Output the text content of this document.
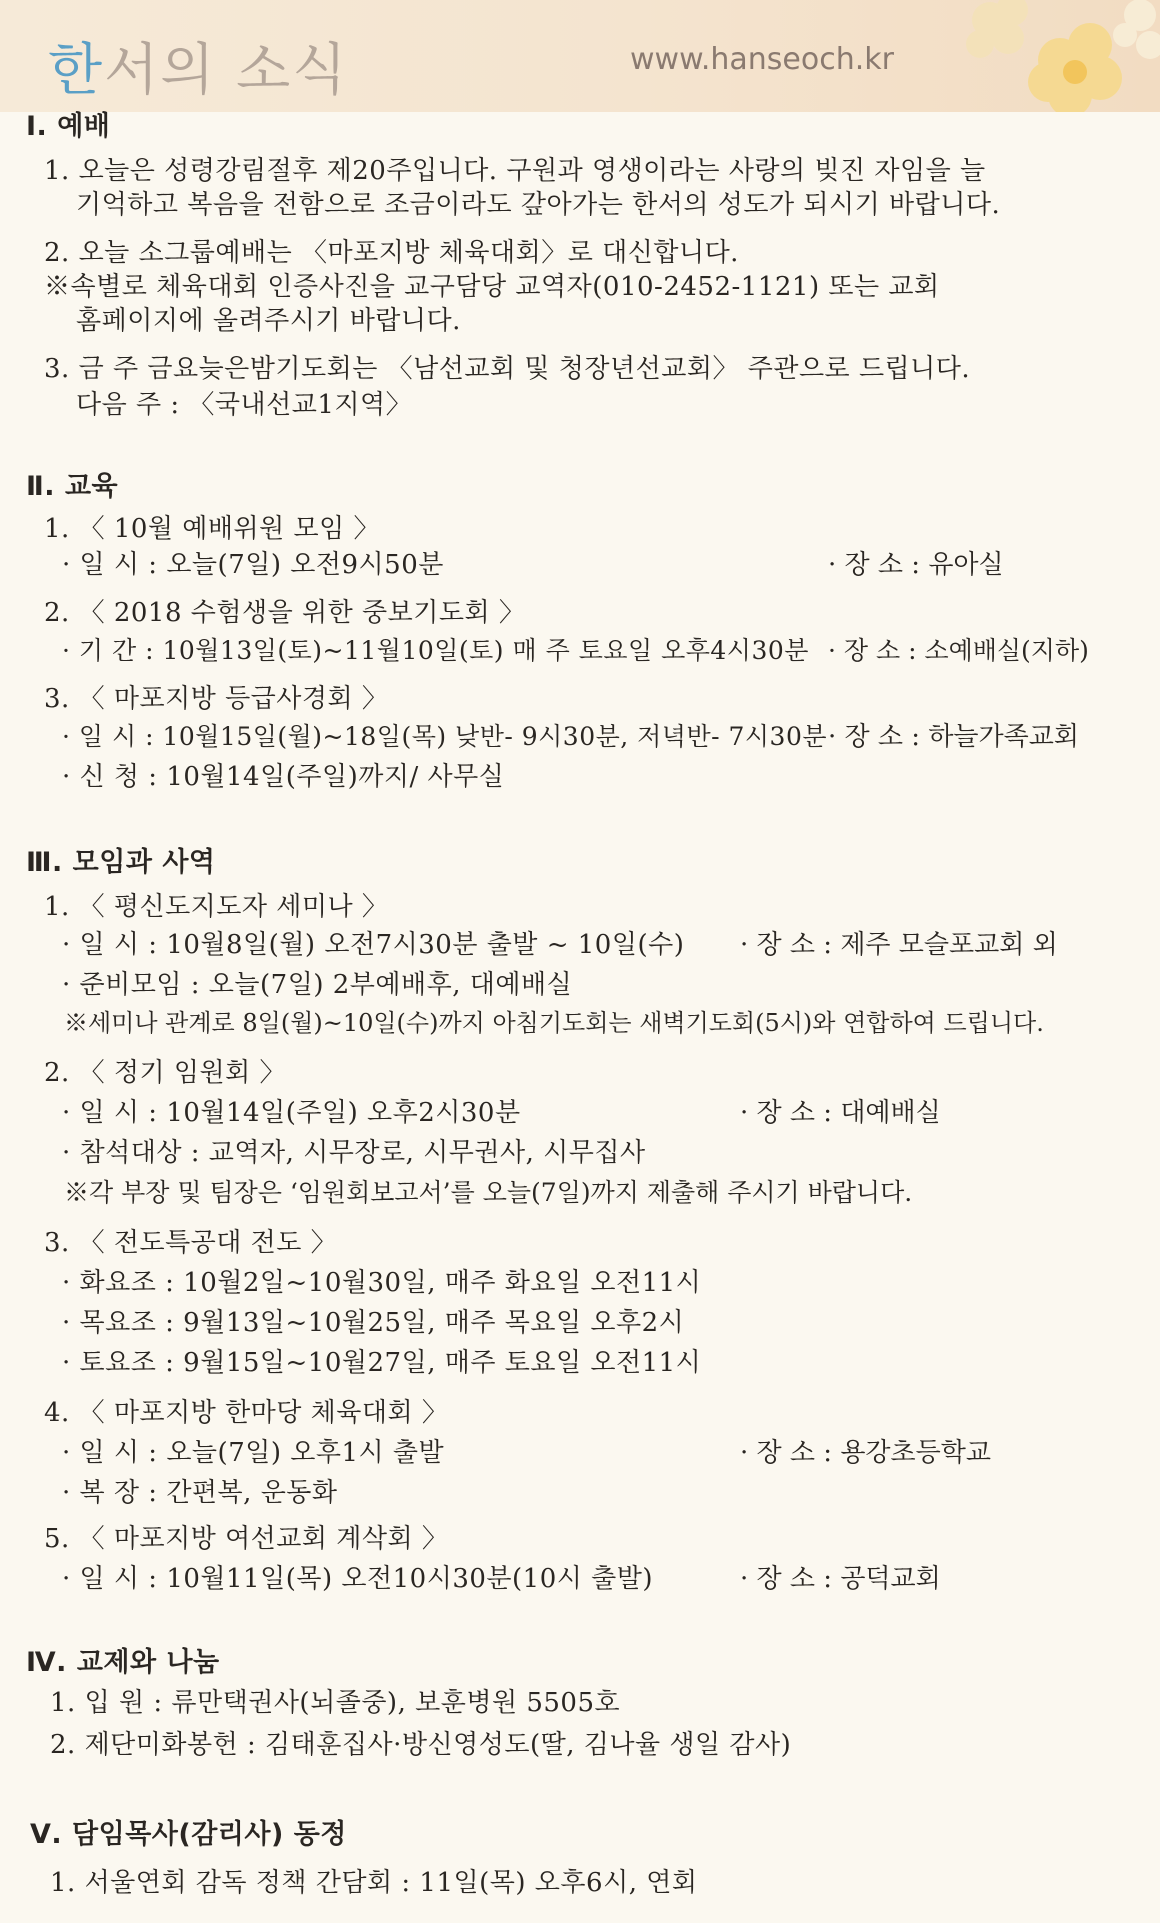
한서의 소식	www.hanseoch.kr
Ⅰ. 예배
1. 오늘은 성령강림절후 제20주입니다. 구원과 영생이라는 사랑의 빚진 자임을 늘
기억하고 복음을 전함으로 조금이라도 갚아가는 한서의 성도가 되시기 바랍니다.
2. 오늘 소그룹예배는 〈마포지방 체육대회〉로 대신합니다.
※속별로 체육대회 인증사진을 교구담당 교역자(010-2452-1121) 또는 교회
홈페이지에 올려주시기 바랍니다.
3. 금 주 금요늦은밤기도회는 〈남선교회 및 청장년선교회〉 주관으로 드립니다.
다음 주 : 〈국내선교1지역〉
Ⅱ. 교육
1. 〈 10월 예배위원 모임 〉
· 일 시 : 오늘(7일) 오전9시50분	· 장 소 : 유아실
2. 〈 2018 수험생을 위한 중보기도회 〉
· 기 간 : 10월13일(토)~11월10일(토) 매 주 토요일 오후4시30분 · 장 소 : 소예배실(지하)
3. 〈 마포지방 등급사경회 〉
· 일 시 : 10월15일(월)~18일(목) 낮반- 9시30분, 저녁반- 7시30분 · 장 소 : 하늘가족교회
· 신 청 : 10월14일(주일)까지/ 사무실
Ⅲ. 모임과 사역
1. 〈 평신도지도자 세미나 〉
· 일 시 : 10월8일(월) 오전7시30분 출발 ~ 10일(수) · 장 소 : 제주 모슬포교회 외
· 준비모임 : 오늘(7일) 2부예배후, 대예배실
※세미나 관계로 8일(월)~10일(수)까지 아침기도회는 새벽기도회(5시)와 연합하여 드립니다.
2. 〈 정기 임원회 〉
· 일 시 : 10월14일(주일) 오후2시30분	· 장 소 : 대예배실
· 참석대상 : 교역자, 시무장로, 시무권사, 시무집사
※각 부장 및 팀장은 ‘임원회보고서’를 오늘(7일)까지 제출해 주시기 바랍니다.
3. 〈 전도특공대 전도 〉
· 화요조 : 10월2일~10월30일, 매주 화요일 오전11시
· 목요조 : 9월13일~10월25일, 매주 목요일 오후2시
· 토요조 : 9월15일~10월27일, 매주 토요일 오전11시
4. 〈 마포지방 한마당 체육대회 〉
· 일 시 : 오늘(7일) 오후1시 출발	· 장 소 : 용강초등학교
· 복 장 : 간편복, 운동화
5. 〈 마포지방 여선교회 계삭회 〉
· 일 시 : 10월11일(목) 오전10시30분(10시 출발)	· 장 소 : 공덕교회
Ⅳ. 교제와 나눔
1. 입 원 : 류만택권사(뇌졸중), 보훈병원 5505호
2. 제단미화봉헌 : 김태훈집사·방신영성도(딸, 김나율 생일 감사)
Ⅴ. 담임목사(감리사) 동정
1. 서울연회 감독 정책 간담회 : 11일(목) 오후6시, 연회
